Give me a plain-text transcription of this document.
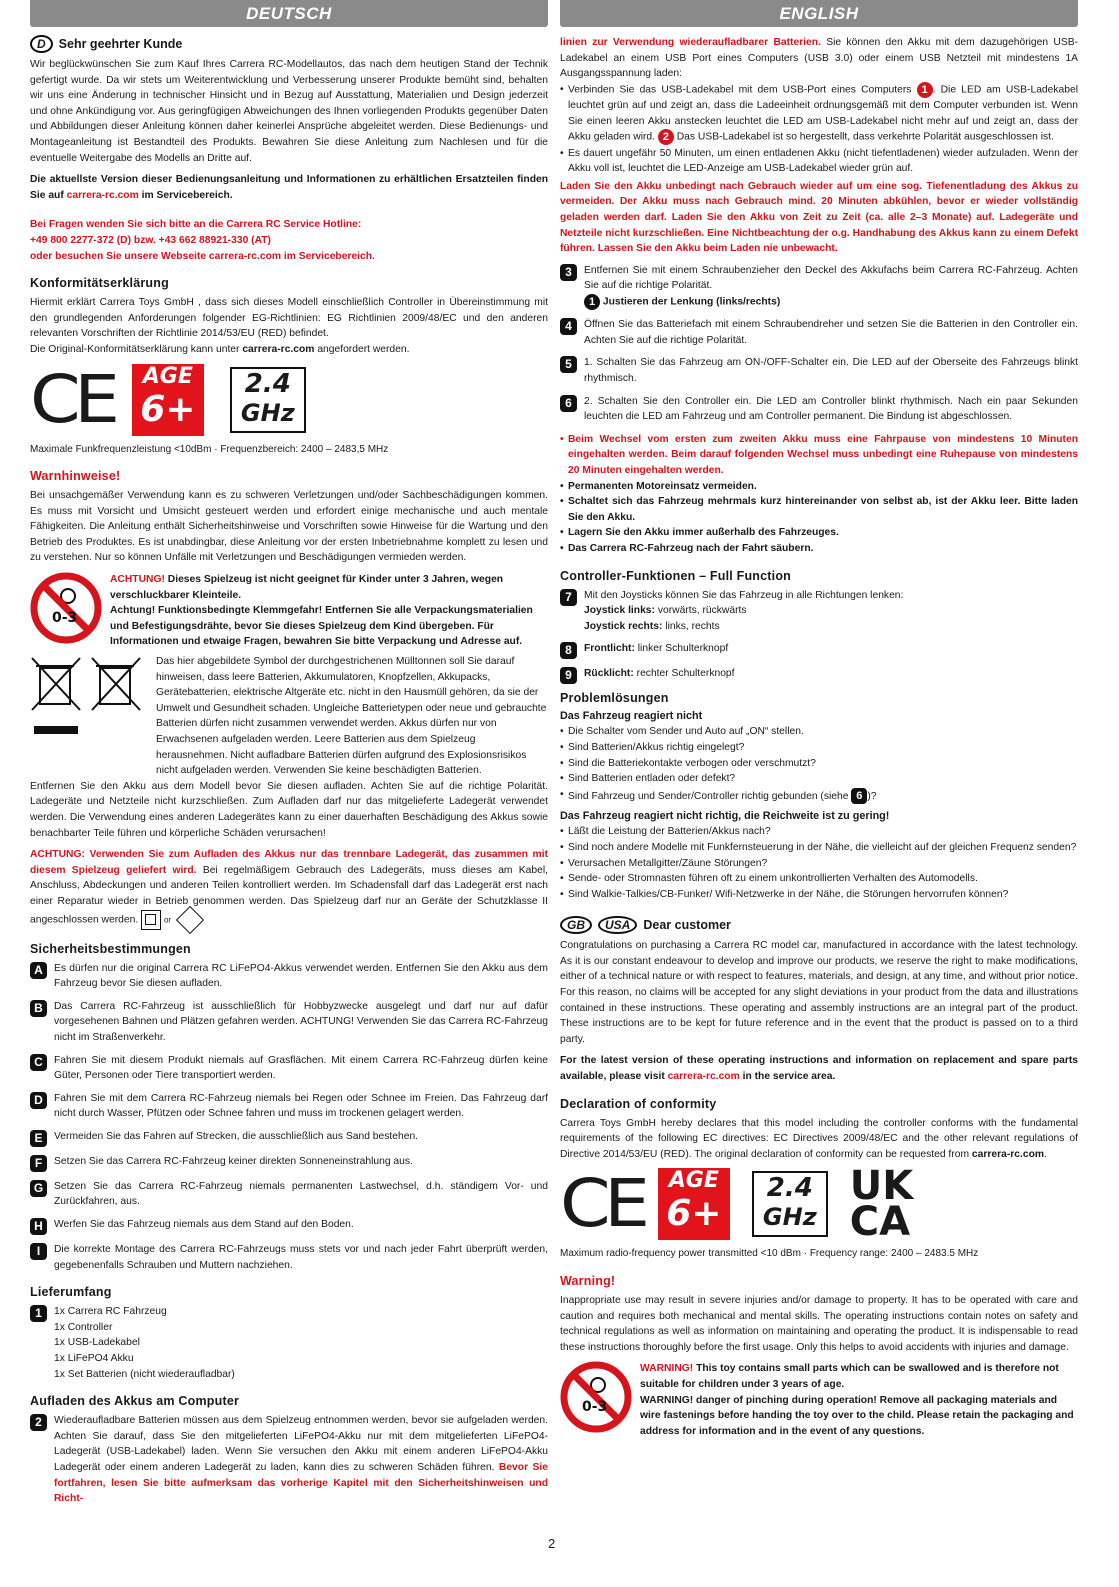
DEUTSCH
D	Sehr geehrter Kunde

Wir beglückwünschen Sie zum Kauf Ihres Carrera RC-Modellautos, das nach dem heutigen Stand der Technik gefertigt wurde. Da wir stets um Weiterentwicklung und Verbesserung unserer Produkte bemüht sind, behalten wir uns eine Änderung in technischer Hinsicht und in Bezug auf Ausstattung, Materialien und Design jederzeit und ohne Ankündigung vor. Aus geringfügigen Abweichungen des Ihnen vorliegenden Produkts gegenüber Daten und Abbildungen dieser Anleitung können daher keinerlei Ansprüche abgeleitet werden. Diese Bedienungs- und Montageanleitung ist Bestandteil des Produkts. Bewahren Sie diese Anleitung zum Nachlesen und für die eventuelle Weitergabe des Modells an Dritte auf.

Die aktuellste Version dieser Bedienungsanleitung und Informationen zu erhältlichen Ersatzteilen finden Sie auf carrera-rc.com im Servicebereich.

Bei Fragen wenden Sie sich bitte an die Carrera RC Service Hotline:

+49 800 2277-372 (D) bzw. +43 662 88921-330 (AT)

oder besuchen Sie unsere Webseite carrera-rc.com im Servicebereich.

Konformitätserklärung

Hiermit erklärt Carrera Toys GmbH , dass sich dieses Modell einschließlich Controller in Übereinstimmung mit den grundlegenden Anforderungen folgender EG-Richtlinien: EG Richtlinien 2009/48/EC und den anderen relevanten Vorschriften der Richtlinie 2014/53/EU (RED) befindet.

Die Original-Konformitätserklärung kann unter carrera-rc.com angefordert werden.

CE	AGE
6+
2.4
GHz

Maximale Funkfrequenzleistung <10dBm · Frequenzbereich: 2400 – 2483,5 MHz

Warnhinweise!

Bei unsachgemäßer Verwendung kann es zu schweren Verletzungen und/oder Sachbeschädigungen kommen. Es muss mit Vorsicht und Umsicht gesteuert werden und erfordert einige mechanische und auch mentale Fähigkeiten. Die Anleitung enthält Sicherheitshinweise und Vorschriften sowie Hinweise für die Wartung und den Betrieb des Produktes. Es ist unabdingbar, diese Anleitung vor der ersten Inbetriebnahme komplett zu lesen und zu verstehen. Nur so können Unfälle mit Verletzungen und Beschädigungen vermieden werden.

0-3
ACHTUNG! Dieses Spielzeug ist nicht geeignet für Kinder unter 3 Jahren, wegen verschluckbarer Kleinteile.
Achtung! Funktionsbedingte Klemmgefahr! Entfernen Sie alle Verpackungsmaterialien und Befestigungsdrähte, bevor Sie dieses Spielzeug dem Kind übergeben. Für Informationen und etwaige Fragen, bewahren Sie bitte Verpackung und Adresse auf.
Das hier abgebildete Symbol der durchgestrichenen Mülltonnen soll Sie darauf hinweisen, dass leere Batterien, Akkumulatoren, Knopfzellen, Akkupacks, Gerätebatterien, elektrische Altgeräte etc. nicht in den Hausmüll gehören, da sie der Umwelt und Gesundheit schaden. Ungleiche Batterietypen oder neue und gebrauchte Batterien dürfen nicht zusammen verwendet werden. Akkus dürfen nur von Erwachsenen aufgeladen werden. Leere Batterien aus dem Spielzeug herausnehmen. Nicht aufladbare Batterien dürfen aufgrund des Explosionsrisikos nicht aufgeladen werden. Verwenden Sie keine beschädigten Batterien.

Entfernen Sie den Akku aus dem Modell bevor Sie diesen aufladen. Achten Sie auf die richtige Polarität. Ladegeräte und Netzteile nicht kurzschließen. Zum Aufladen darf nur das mitgelieferte Ladegerät verwendet werden. Die Verwendung eines anderen Ladegerätes kann zu einer dauerhaften Beschädigung des Akkus sowie benachbarter Teile führen und körperliche Schäden verursachen!

ACHTUNG: Verwenden Sie zum Aufladen des Akkus nur das trennbare Ladegerät, das zusammen mit diesem Spielzeug geliefert wird. Bei regelmäßigem Gebrauch des Ladegeräts, muss dieses am Kabel, Anschluss, Abdeckungen und anderen Teilen kontrolliert werden. Im Schadensfall darf das Ladegerät erst nach einer Reparatur wieder in Betrieb genommen werden. Das Spielzeug darf nur an Geräte der Schutzklasse II angeschlossen werden.	or

Sicherheitsbestimmungen
A	Es dürfen nur die original Carrera RC LiFePO4-Akkus verwendet werden. Entfernen Sie den Akku aus dem Fahrzeug bevor Sie diesen aufladen.
B	Das Carrera RC-Fahrzeug ist ausschließlich für Hobbyzwecke ausgelegt und darf nur auf dafür vorgesehenen Bahnen und Plätzen gefahren werden. ACHTUNG! Verwenden Sie das Carrera RC-Fahrzeug nicht im Straßenverkehr.
C	Fahren Sie mit diesem Produkt niemals auf Grasflächen. Mit einem Carrera RC-Fahrzeug dürfen keine Güter, Personen oder Tiere transportiert werden.
D	Fahren Sie mit dem Carrera RC-Fahrzeug niemals bei Regen oder Schnee im Freien. Das Fahrzeug darf nicht durch Wasser, Pfützen oder Schnee fahren und muss im trockenen gelagert werden.
E	Vermeiden Sie das Fahren auf Strecken, die ausschließlich aus Sand bestehen.
F	Setzen Sie das Carrera RC-Fahrzeug keiner direkten Sonneneinstrahlung aus.
G	Setzen Sie das Carrera RC-Fahrzeug niemals permanenten Lastwechsel, d.h. ständigem Vor- und Zurückfahren, aus.
H	Werfen Sie das Fahrzeug niemals aus dem Stand auf den Boden.
I	Die korrekte Montage des Carrera RC-Fahrzeugs muss stets vor und nach jeder Fahrt überprüft werden, gegebenenfalls Schrauben und Muttern nachziehen.
Lieferumfang
1	1x Carrera RC Fahrzeug
1x Controller
1x USB-Ladekabel
1x LiFePO4 Akku
1x Set Batterien (nicht wiederaufladbar)
Aufladen des Akkus am Computer
2	Wiederaufladbare Batterien müssen aus dem Spielzeug entnommen werden, bevor sie aufgeladen werden. Achten Sie darauf, dass Sie den mitgelieferten LiFePO4-Akku nur mit dem mitgelieferten LiFePO4-Ladegerät (USB-Ladekabel) laden. Wenn Sie versuchen den Akku mit einem anderen LiFePO4-Akku Ladegerät oder einem anderen Ladegerät zu laden, kann dies zu schweren Schäden führen. Bevor Sie fortfahren, lesen Sie bitte aufmerksam das vorherige Kapitel mit den Sicherheitshinweisen und Richt-
ENGLISH

linien zur Verwendung wiederaufladbarer Batterien. Sie können den Akku mit dem dazugehörigen USB-Ladekabel an einem USB Port eines Computers (USB 3.0) oder einem USB Netzteil mit mindestens 1A Ausgangsspannung laden:

• Verbinden Sie das USB-Ladekabel mit dem USB-Port eines Computers 1 . Die LED am USB-Ladekabel leuchtet grün auf und zeigt an, dass die Ladeeinheit ordnungsgemäß mit dem Computer verbunden ist. Wenn Sie einen leeren Akku anstecken leuchtet die LED am USB-Ladekabel nicht mehr auf und zeigt an, dass der Akku geladen wird. 2 Das USB-Ladekabel ist so hergestellt, dass verkehrte Polarität ausgeschlossen ist.
• Es dauert ungefähr 50 Minuten, um einen entladenen Akku (nicht tiefentladenen) wieder aufzuladen. Wenn der Akku voll ist, leuchtet die LED-Anzeige am USB-Ladekabel wieder grün auf.

Laden Sie den Akku unbedingt nach Gebrauch wieder auf um eine sog. Tiefenentladung des Akkus zu vermeiden. Der Akku muss nach Gebrauch mind. 20 Minuten abkühlen, bevor er wieder vollständig geladen werden darf. Laden Sie den Akku von Zeit zu Zeit (ca. alle 2–3 Monate) auf. Ladegeräte und Netzteile nicht kurzschließen. Eine Nichtbeachtung der o.g. Handhabung des Akkus kann zu einem Defekt führen. Lassen Sie den Akku beim Laden nie unbewacht.

3	Entfernen Sie mit einem Schraubenzieher den Deckel des Akkufachs beim Carrera RC-Fahrzeug. Achten Sie auf die richtige Polarität.
1 Justieren der Lenkung (links/rechts)
4	Öffnen Sie das Batteriefach mit einem Schraubendreher und setzen Sie die Batterien in den Controller ein. Achten Sie auf die richtige Polarität.
5	1. Schalten Sie das Fahrzeug am ON-/OFF-Schalter ein. Die LED auf der Oberseite des Fahrzeugs blinkt rhythmisch.
6	2. Schalten Sie den Controller ein. Die LED am Controller blinkt rhythmisch. Nach ein paar Sekunden leuchten die LED am Fahrzeug und am Controller permanent. Die Bindung ist abgeschlossen.
• Beim Wechsel vom ersten zum zweiten Akku muss eine Fahrpause von mindestens 10 Minuten eingehalten werden. Beim darauf folgenden Wechsel muss unbedingt eine Ruhepause von mindestens 20 Minuten eingehalten werden.
• Permanenten Motoreinsatz vermeiden.
• Schaltet sich das Fahrzeug mehrmals kurz hintereinander von selbst ab, ist der Akku leer. Bitte laden Sie den Akku.
• Lagern Sie den Akku immer außerhalb des Fahrzeuges.
• Das Carrera RC-Fahrzeug nach der Fahrt säubern.
Controller-Funktionen – Full Function
7	Mit den Joysticks können Sie das Fahrzeug in alle Richtungen lenken:
Joystick links: vorwärts, rückwärts
Joystick rechts: links, rechts
8	Frontlicht: linker Schulterknopf
9	Rücklicht: rechter Schulterknopf
Problemlösungen
Das Fahrzeug reagiert nicht
• Die Schalter vom Sender und Auto auf „ON“ stellen.
• Sind Batterien/Akkus richtig eingelegt?
• Sind die Batteriekontakte verbogen oder verschmutzt?
• Sind Batterien entladen oder defekt?
• Sind Fahrzeug und Sender/Controller richtig gebunden (siehe 6 )?
Das Fahrzeug reagiert nicht richtig, die Reichweite ist zu gering!
• Läßt die Leistung der Batterien/Akkus nach?
• Sind noch andere Modelle mit Funkfernsteuerung in der Nähe, die vielleicht auf der gleichen Frequenz senden?
• Verursachen Metallgitter/Zäune Störungen?
• Sende- oder Stromnasten führen oft zu einem unkontrollierten Verhalten des Automodells.
• Sind Walkie-Talkies/CB-Funker/ Wifi-Netzwerke in der Nähe, die Störungen hervorrufen können?
GB	USA	Dear customer

Congratulations on purchasing a Carrera RC model car, manufactured in accordance with the latest technology. As it is our constant endeavour to develop and improve our products, we reserve the right to make modifications, either of a technical nature or with respect to features, materials, and design, at any time, and without prior notice. For this reason, no claims will be accepted for any slight deviations in your product from the data and illustrations contained in these instructions. These operating and assembly instructions are an integral part of the product. These instructions are to be kept for future reference and in the event that the product is passed on to a third party.

For the latest version of these operating instructions and information on replacement and spare parts available, please visit carrera-rc.com in the service area.

Declaration of conformity

Carrera Toys GmbH hereby declares that this model including the controller conforms with the fundamental requirements of the following EC directives: EC Directives 2009/48/EC and the other relevant regulations of Directive 2014/53/EU (RED). The original declaration of conformity can be requested from carrera-rc.com.

CE	AGE
6+
2.4
GHz
UK
CA

Maximum radio-frequency power transmitted <10 dBm · Frequency range: 2400 – 2483.5 MHz

Warning!

Inappropriate use may result in severe injuries and/or damage to property. It has to be operated with care and caution and requires both mechanical and mental skills. The operating instructions contain notes on safety and technical regulations as well as information on maintaining and operating the product. It is indispensable to read these instructions thoroughly before the first usage. Only this helps to avoid accidents with injuries and damage.

0-3
WARNING! This toy contains small parts which can be swallowed and is therefore not suitable for children under 3 years of age.
WARNING! danger of pinching during operation! Remove all packaging materials and wire fastenings before handing the toy over to the child. Please retain the packaging and address for information and in the event of any questions.
2
